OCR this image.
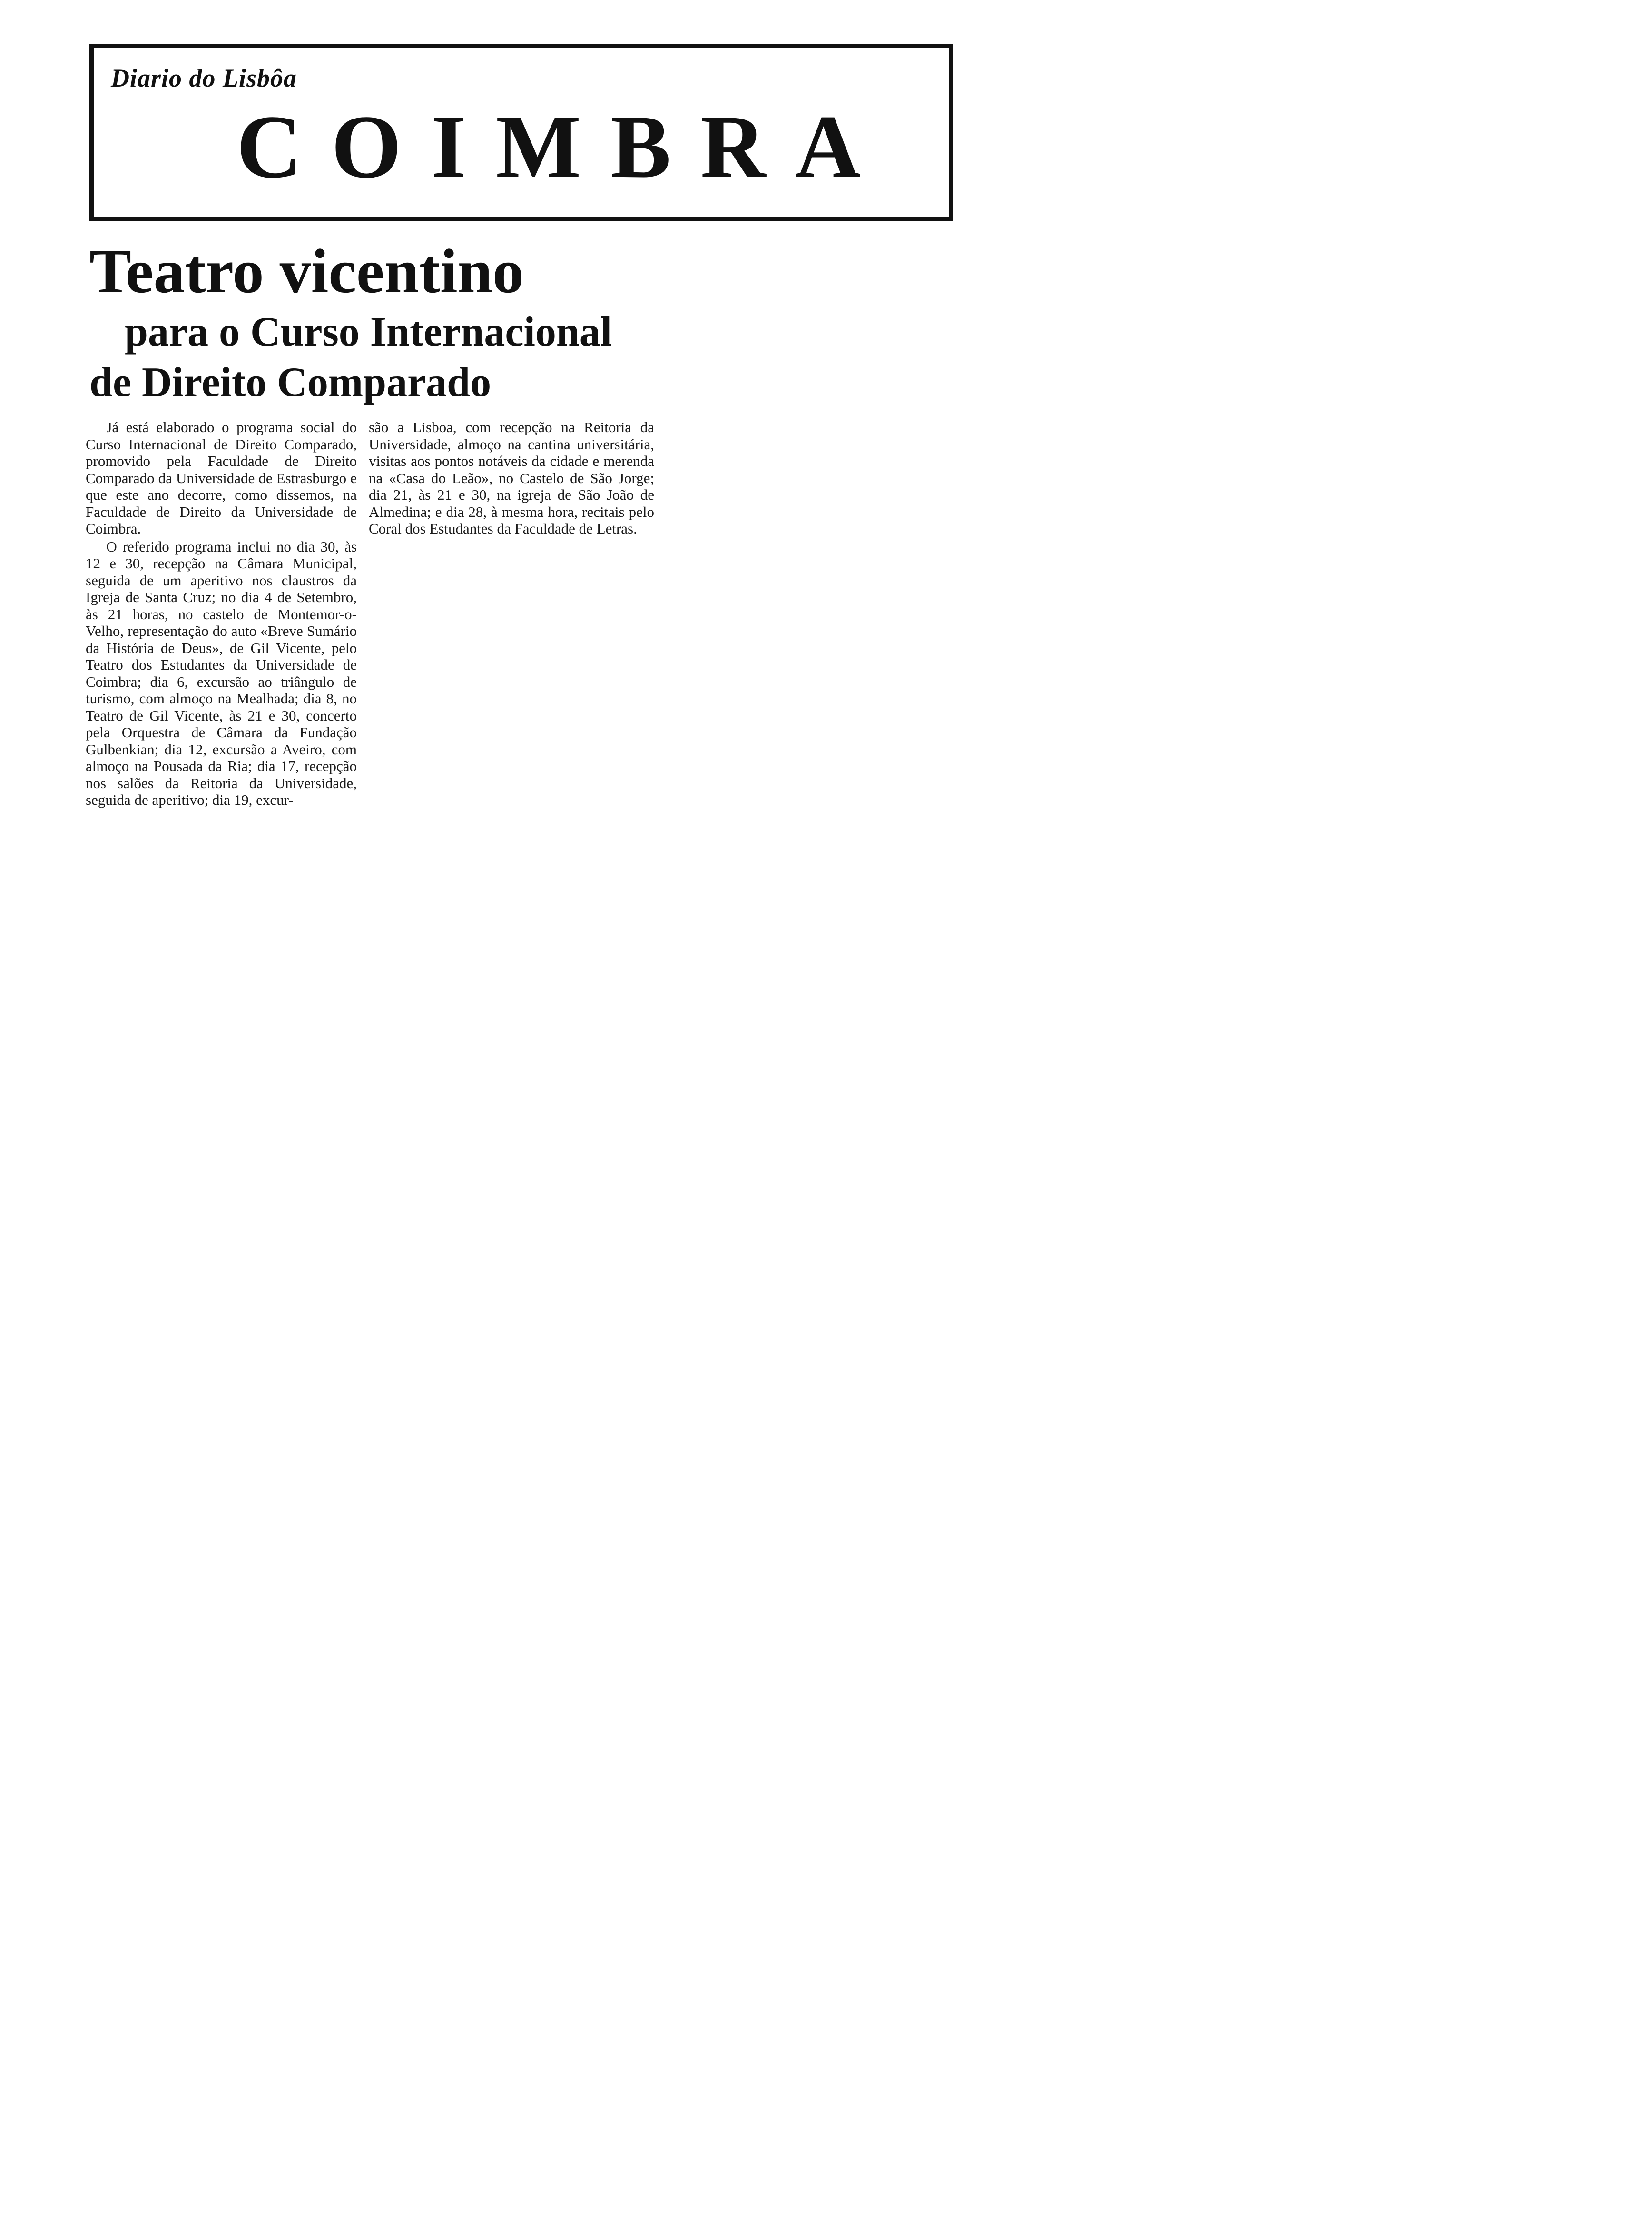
Diario do Lisbôa
COIMBRA
Teatro vicentino
para o Curso Internacional
de Direito Comparado

Já está elaborado o programa social do Curso Internacional de Direito Comparado, promovido pela Faculdade de Direito Comparado da Universidade de Estrasburgo e que este ano decorre, como dissemos, na Faculdade de Direito da Universidade de Coimbra.

O referido programa inclui no dia 30, às 12 e 30, recepção na Câmara Municipal, seguida de um aperitivo nos claustros da Igreja de Santa Cruz; no dia 4 de Setembro, às 21 horas, no castelo de Montemor-o-Velho, representação do auto «Breve Sumário da História de Deus», de Gil Vicente, pelo Teatro dos Estudantes da Universidade de Coimbra; dia 6, excursão ao triângulo de turismo, com almoço na Mealhada; dia 8, no Teatro de Gil Vicente, às 21 e 30, concerto pela Orquestra de Câmara da Fundação Gulbenkian; dia 12, excursão a Aveiro, com almoço na Pousada da Ria; dia 17, recepção nos salões da Reitoria da Universidade, seguida de aperitivo; dia 19, excur-

são a Lisboa, com recepção na Reitoria da Universidade, almoço na cantina universitária, visitas aos pontos notáveis da cidade e merenda na «Casa do Leão», no Castelo de São Jorge; dia 21, às 21 e 30, na igreja de São João de Almedina; e dia 28, à mesma hora, recitais pelo Coral dos Estudantes da Faculdade de Letras.
